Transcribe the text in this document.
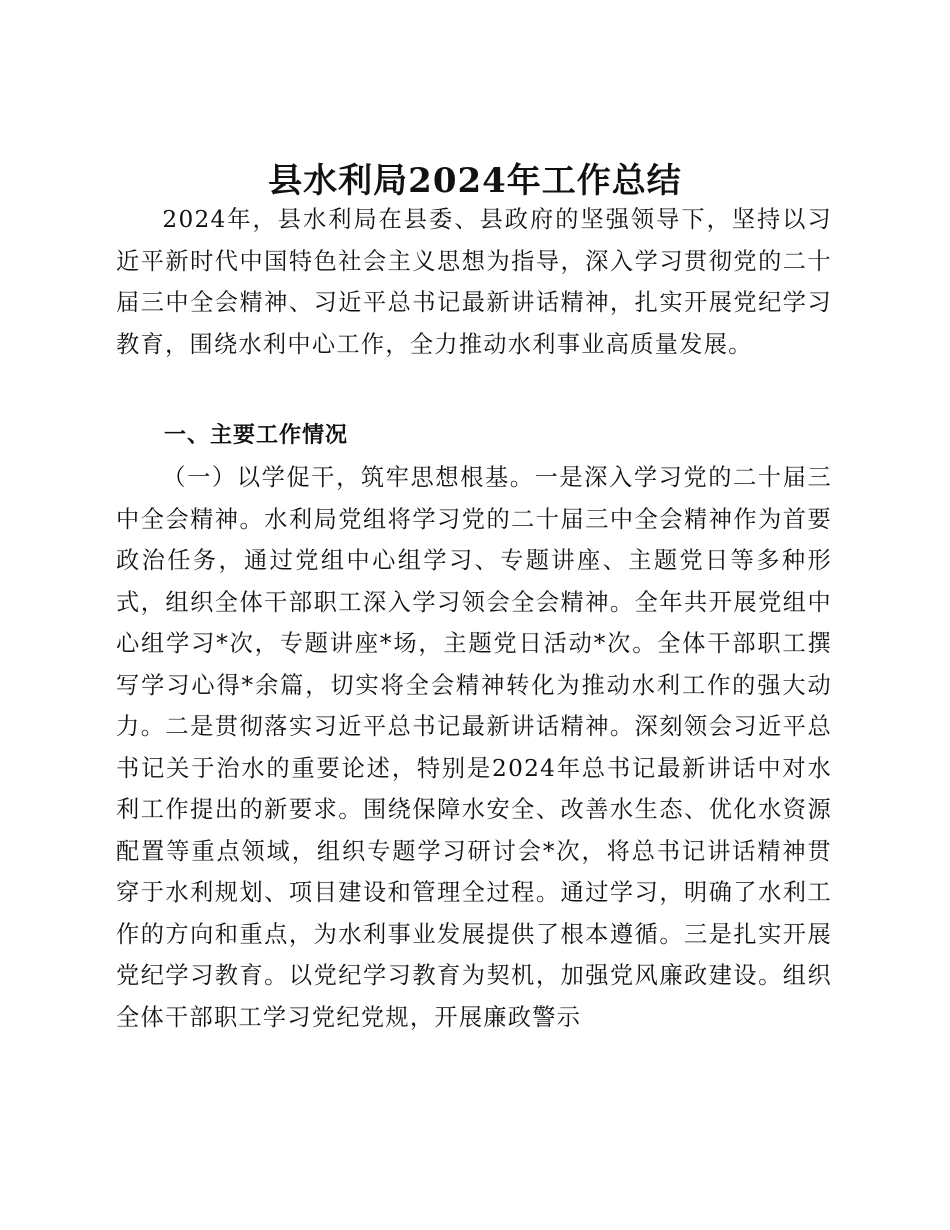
县水利局2024年工作总结

2024年，县水利局在县委、县政府的坚强领导下，坚持以习近平新时代中国特色社会主义思想为指导，深入学习贯彻党的二十届三中全会精神、习近平总书记最新讲话精神，扎实开展党纪学习教育，围绕水利中心工作，全力推动水利事业高质量发展。

一、主要工作情况

（一）以学促干，筑牢思想根基。一是深入学习党的二十届三中全会精神。水利局党组将学习党的二十届三中全会精神作为首要政治任务，通过党组中心组学习、专题讲座、主题党日等多种形式，组织全体干部职工深入学习领会全会精神。全年共开展党组中心组学习*次，专题讲座*场，主题党日活动*次。全体干部职工撰写学习心得*余篇，切实将全会精神转化为推动水利工作的强大动力。二是贯彻落实习近平总书记最新讲话精神。深刻领会习近平总书记关于治水的重要论述，特别是2024年总书记最新讲话中对水利工作提出的新要求。围绕保障水安全、改善水生态、优化水资源配置等重点领域，组织专题学习研讨会*次，将总书记讲话精神贯穿于水利规划、项目建设和管理全过程。通过学习，明确了水利工作的方向和重点，为水利事业发展提供了根本遵循。三是扎实开展党纪学习教育。以党纪学习教育为契机，加强党风廉政建设。组织全体干部职工学习党纪党规，开展廉政警示
